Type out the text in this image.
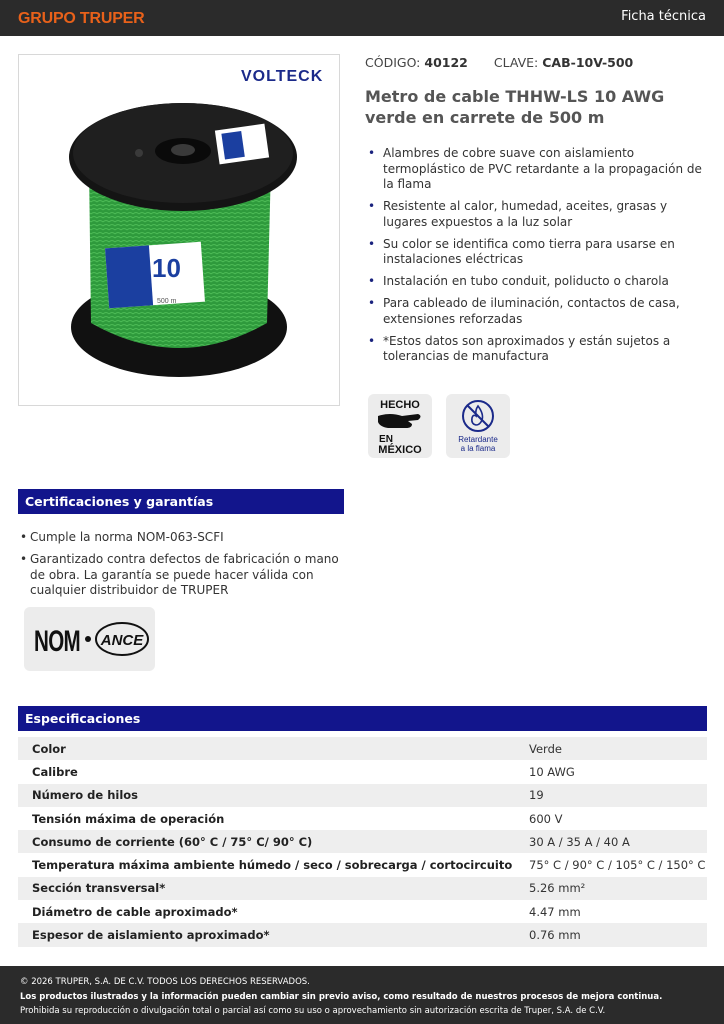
GRUPO TRUPER	Ficha técnica
VOLTECK
10
500 m
CÓDIGO: 40122 CLAVE: CAB-10V-500
Metro de cable THHW-LS 10 AWG verde en carrete de 500 m
• Alambres de cobre suave con aislamiento termoplástico de PVC retardante a la propagación de la flama
• Resistente al calor, humedad, aceites, grasas y lugares expuestos a la luz solar
• Su color se identifica como tierra para usarse en instalaciones eléctricas
• Instalación en tubo conduit, poliducto o charola
• Para cableado de iluminación, contactos de casa, extensiones reforzadas
• *Estos datos son aproximados y están sujetos a tolerancias de manufactura
HECHO
EN
MÉXICO
Retardante
a la flama
Certificaciones y garantías
• Cumple la norma NOM-063-SCFI
• Garantizado contra defectos de fabricación o mano de obra. La garantía se puede hacer válida con cualquier distribuidor de TRUPER
NOM ANCE
Especificaciones
Color	Verde
Calibre	10 AWG
Número de hilos	19
Tensión máxima de operación	600 V
Consumo de corriente (60° C / 75° C/ 90° C)	30 A / 35 A / 40 A
Temperatura máxima ambiente húmedo / seco / sobrecarga / cortocircuito	75° C / 90° C / 105° C / 150° C
Sección transversal*	5.26 mm²
Diámetro de cable aproximado*	4.47 mm
Espesor de aislamiento aproximado*	0.76 mm
© 2026 TRUPER, S.A. DE C.V. TODOS LOS DERECHOS RESERVADOS.
Los productos ilustrados y la información pueden cambiar sin previo aviso, como resultado de nuestros procesos de mejora continua.
Prohibida su reproducción o divulgación total o parcial así como su uso o aprovechamiento sin autorización escrita de Truper, S.A. de C.V.
